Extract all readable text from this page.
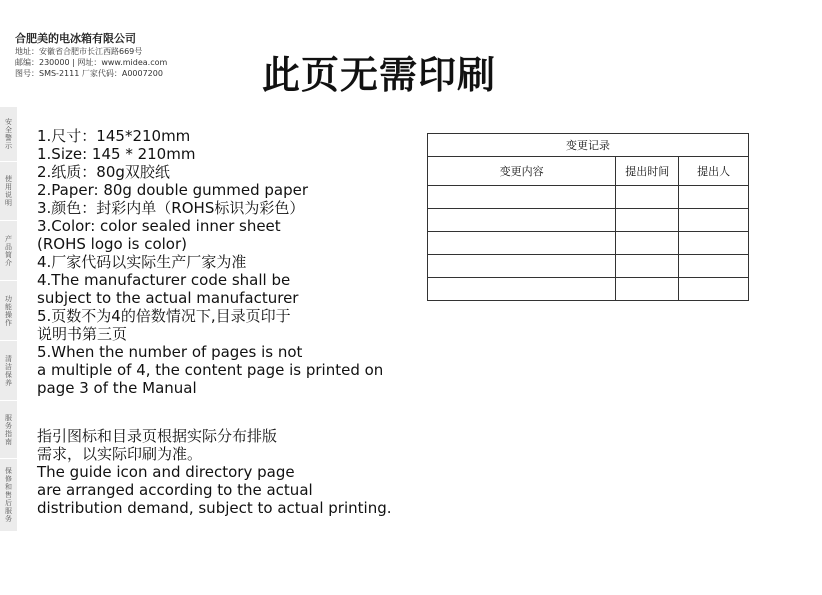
合肥美的电冰箱有限公司
地址：安徽省合肥市长江西路669号
邮编：230000 | 网址：www.midea.com
图号：SMS-2111 厂家代码：A0007200	此页无需印刷
安全警示
使用说明
产品简介
功能操作
清洁保养
服务指南
保修和售后服务
1.尺寸：145*210mm
1.Size: 145 * 210mm
2.纸质：80g双胶纸
2.Paper: 80g double gummed paper
3.颜色：封彩内单（ROHS标识为彩色）
3.Color: color sealed inner sheet
(ROHS logo is color)
4.厂家代码以实际生产厂家为准
4.The manufacturer code shall be
subject to the actual manufacturer
5.页数不为4的倍数情况下,目录页印于
说明书第三页
5.When the number of pages is not
a multiple of 4, the content page is printed on
page 3 of the Manual
指引图标和目录页根据实际分布排版
需求，以实际印刷为准。
The guide icon and directory page
are arranged according to the actual
distribution demand, subject to actual printing.
变更记录		
变更内容	提出时间	提出人
